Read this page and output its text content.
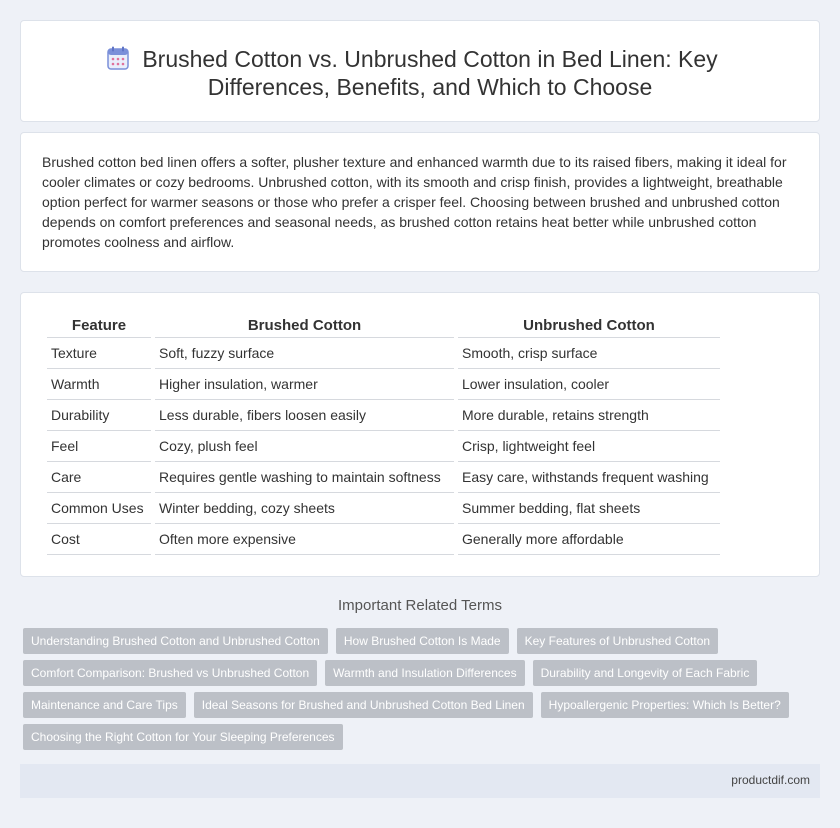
Brushed Cotton vs. Unbrushed Cotton in Bed Linen: Key Differences, Benefits, and Which to Choose

Brushed cotton bed linen offers a softer, plusher texture and enhanced warmth due to its raised fibers, making it ideal for cooler climates or cozy bedrooms. Unbrushed cotton, with its smooth and crisp finish, provides a lightweight, breathable option perfect for warmer seasons or those who prefer a crisper feel. Choosing between brushed and unbrushed cotton depends on comfort preferences and seasonal needs, as brushed cotton retains heat better while unbrushed cotton promotes coolness and airflow.

Feature	Brushed Cotton	Unbrushed Cotton
Texture	Soft, fuzzy surface	Smooth, crisp surface
Warmth	Higher insulation, warmer	Lower insulation, cooler
Durability	Less durable, fibers loosen easily	More durable, retains strength
Feel	Cozy, plush feel	Crisp, lightweight feel
Care	Requires gentle washing to maintain softness	Easy care, withstands frequent washing
Common Uses	Winter bedding, cozy sheets	Summer bedding, flat sheets
Cost	Often more expensive	Generally more affordable
Important Related Terms
Understanding Brushed Cotton and Unbrushed Cotton	How Brushed Cotton Is Made	Key Features of Unbrushed Cotton
Comfort Comparison: Brushed vs Unbrushed Cotton	Warmth and Insulation Differences	Durability and Longevity of Each Fabric
Maintenance and Care Tips	Ideal Seasons for Brushed and Unbrushed Cotton Bed Linen	Hypoallergenic Properties: Which Is Better?
Choosing the Right Cotton for Your Sleeping Preferences
productdif.com
